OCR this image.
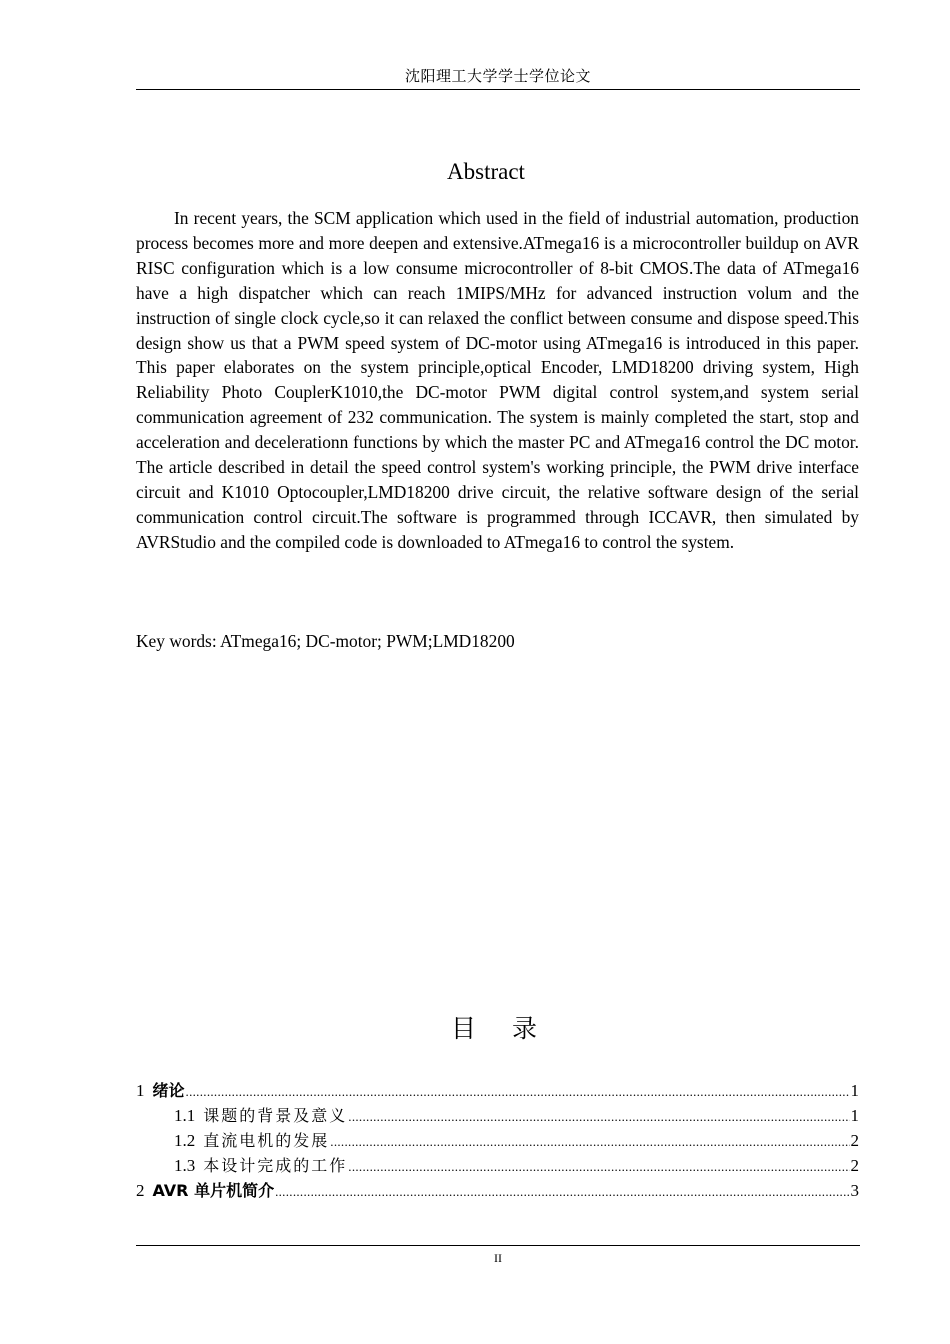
沈阳理工大学学士学位论文
Abstract

In recent years, the SCM application which used in the field of industrial automation, production process becomes more and more deepen and extensive.ATmega16 is a microcontroller buildup on AVR RISC configuration which is a low consume microcontroller of 8-bit CMOS.The data of ATmega16 have a high dispatcher which can reach 1MIPS/MHz for advanced instruction volum and the instruction of single clock cycle,so it can relaxed the conflict between consume and dispose speed.This design show us that a PWM speed system of DC-motor using ATmega16 is introduced in this paper. This paper elaborates on the system principle,optical Encoder, LMD18200 driving system, High Reliability Photo CouplerK1010,the DC-motor PWM digital control system,and system serial communication agreement of 232 communication. The system is mainly completed the start, stop and acceleration and decelerationn functions by which the master PC and ATmega16 control the DC motor. The article described in detail the speed control system's working principle, the PWM drive interface circuit and K1010 Optocoupler,LMD18200 drive circuit, the relative software design of the serial communication control circuit.The software is programmed through ICCAVR, then simulated by AVRStudio and the compiled code is downloaded to ATmega16 to control the system.

Key words: ATmega16; DC-motor; PWM;LMD18200
目 录
1 绪论 .....	1
1.1 课题的背景及意义 .....	1
1.2 直流电机的发展 .....	2
1.3 本设计完成的工作 .....	2
2 AVR 单片机简介 .....	3
II
